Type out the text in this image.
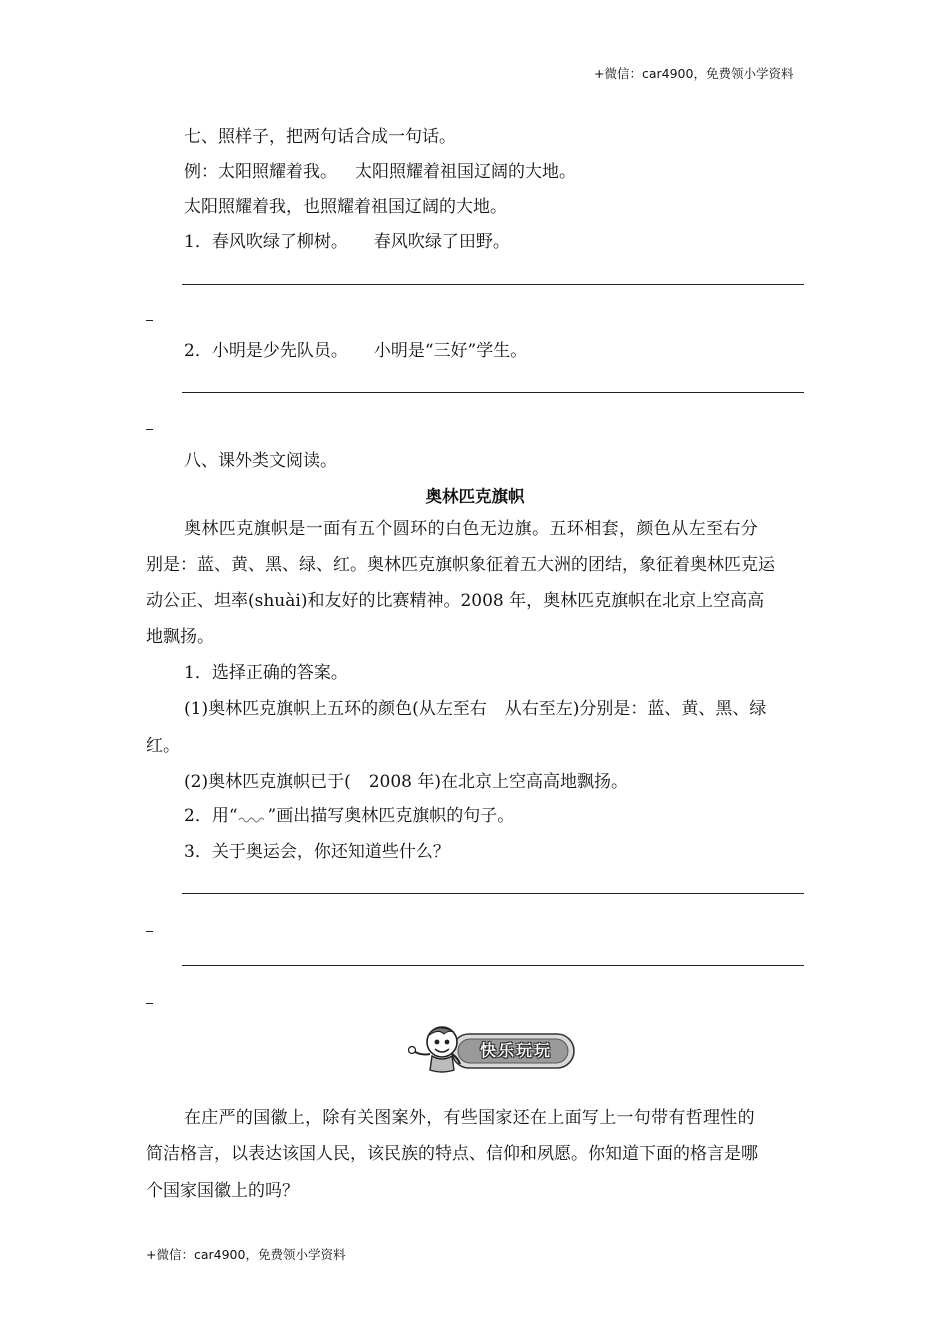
+微信：car4900，免费领小学资料
七、照样子，把两句话合成一句话。
例：太阳照耀着我。 太阳照耀着祖国辽阔的大地。
太阳照耀着我，也照耀着祖国辽阔的大地。
1．春风吹绿了柳树。 春风吹绿了田野。
2．小明是少先队员。 小明是“三好”学生。
八、课外类文阅读。
奥林匹克旗帜
奥林匹克旗帜是一面有五个圆环的白色无边旗。五环相套，颜色从左至右分
别是：蓝、黄、黑、绿、红。奥林匹克旗帜象征着五大洲的团结，象征着奥林匹克运
动公正、坦率(shuài)和友好的比赛精神。2008 年，奥林匹克旗帜在北京上空高高
地飘扬。
1．选择正确的答案。
(1)奥林匹克旗帜上五环的颜色(从左至右 从右至左)分别是：蓝、黄、黑、绿
红。
(2)奥林匹克旗帜已于( 2008 年)在北京上空高高地飘扬。
2．用“ ”画出描写奥林匹克旗帜的句子。
3．关于奥运会，你还知道些什么？
快乐玩玩
在庄严的国徽上，除有关图案外，有些国家还在上面写上一句带有哲理性的
简洁格言，以表达该国人民，该民族的特点、信仰和夙愿。你知道下面的格言是哪
个国家国徽上的吗？
+微信：car4900，免费领小学资料
